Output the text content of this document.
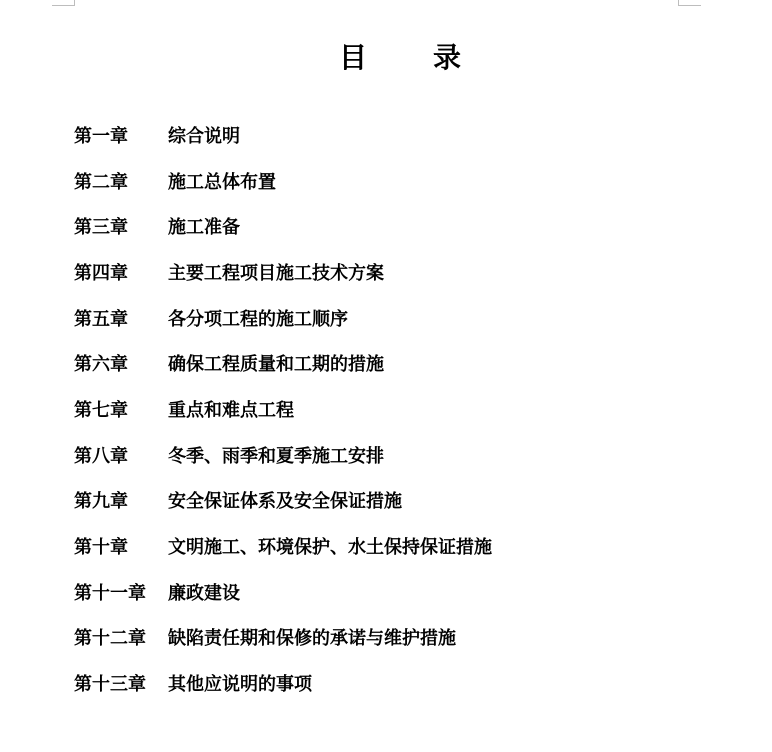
目 录
第一章	综合说明
第二章	施工总体布置
第三章	施工准备
第四章	主要工程项目施工技术方案
第五章	各分项工程的施工顺序
第六章	确保工程质量和工期的措施
第七章	重点和难点工程
第八章	冬季、雨季和夏季施工安排
第九章	安全保证体系及安全保证措施
第十章	文明施工、环境保护、水土保持保证措施
第十一章	廉政建设
第十二章	缺陷责任期和保修的承诺与维护措施
第十三章	其他应说明的事项
